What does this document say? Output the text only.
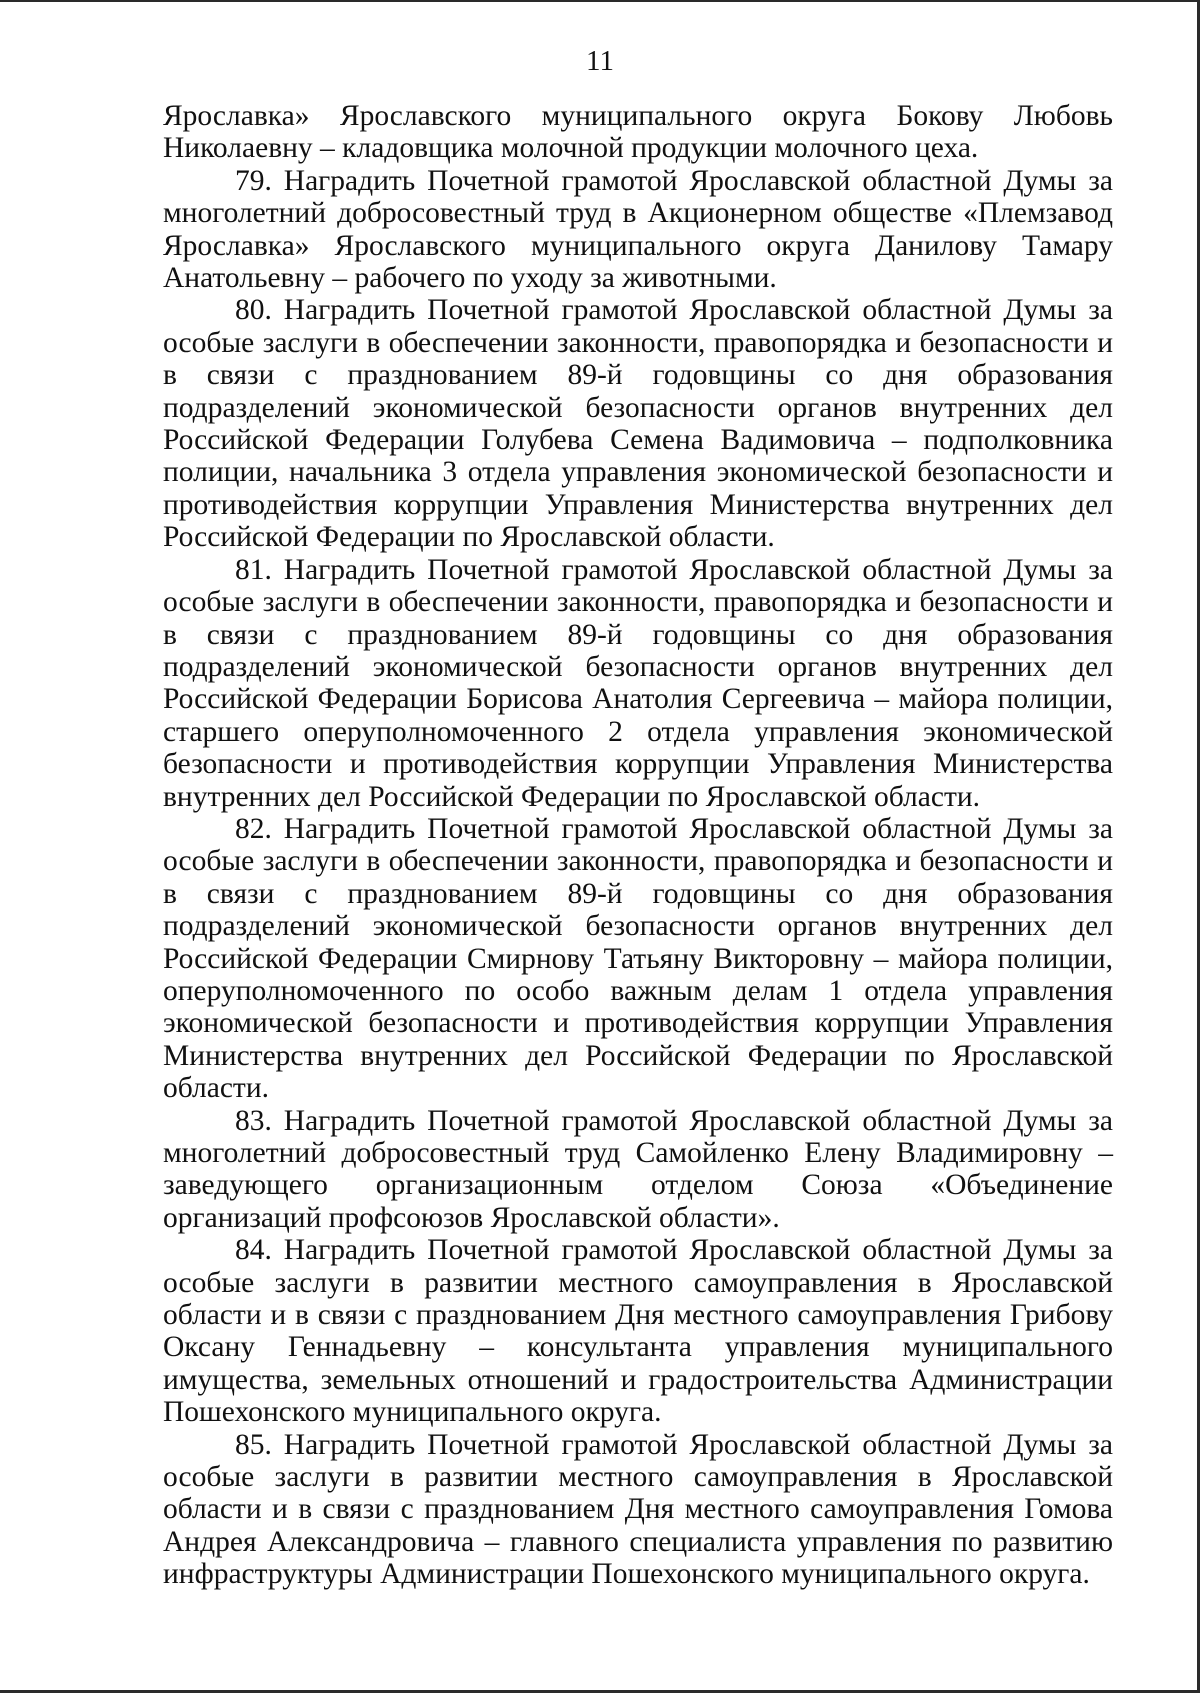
11

Ярославка» Ярославского муниципального округа Бокову Любовь Николаевну – кладовщика молочной продукции молочного цеха.

79. Наградить Почетной грамотой Ярославской областной Думы за многолетний добросовестный труд в Акционерном обществе «Племзавод Ярославка» Ярославского муниципального округа Данилову Тамару Анатольевну – рабочего по уходу за животными.

80. Наградить Почетной грамотой Ярославской областной Думы за особые заслуги в обеспечении законности, правопорядка и безопасности и в связи с празднованием 89-й годовщины со дня образования подразделений экономической безопасности органов внутренних дел Российской Федерации Голубева Семена Вадимовича – подполковника полиции, начальника 3 отдела управления экономической безопасности и противодействия коррупции Управления Министерства внутренних дел Российской Федерации по Ярославской области.

81. Наградить Почетной грамотой Ярославской областной Думы за особые заслуги в обеспечении законности, правопорядка и безопасности и в связи с празднованием 89-й годовщины со дня образования подразделений экономической безопасности органов внутренних дел Российской Федерации Борисова Анатолия Сергеевича – майора полиции, старшего оперуполномоченного 2 отдела управления экономической безопасности и противодействия коррупции Управления Министерства внутренних дел Российской Федерации по Ярославской области.

82. Наградить Почетной грамотой Ярославской областной Думы за особые заслуги в обеспечении законности, правопорядка и безопасности и в связи с празднованием 89-й годовщины со дня образования подразделений экономической безопасности органов внутренних дел Российской Федерации Смирнову Татьяну Викторовну – майора полиции, оперуполномоченного по особо важным делам 1 отдела управления экономической безопасности и противодействия коррупции Управления Министерства внутренних дел Российской Федерации по Ярославской области.

83. Наградить Почетной грамотой Ярославской областной Думы за многолетний добросовестный труд Самойленко Елену Владимировну – заведующего организационным отделом Союза «Объединение организаций профсоюзов Ярославской области».

84. Наградить Почетной грамотой Ярославской областной Думы за особые заслуги в развитии местного самоуправления в Ярославской области и в связи с празднованием Дня местного самоуправления Грибову Оксану Геннадьевну – консультанта управления муниципального имущества, земельных отношений и градостроительства Администрации Пошехонского муниципального округа.

85. Наградить Почетной грамотой Ярославской областной Думы за особые заслуги в развитии местного самоуправления в Ярославской области и в связи с празднованием Дня местного самоуправления Гомова Андрея Александровича – главного специалиста управления по развитию инфраструктуры Администрации Пошехонского муниципального округа.
